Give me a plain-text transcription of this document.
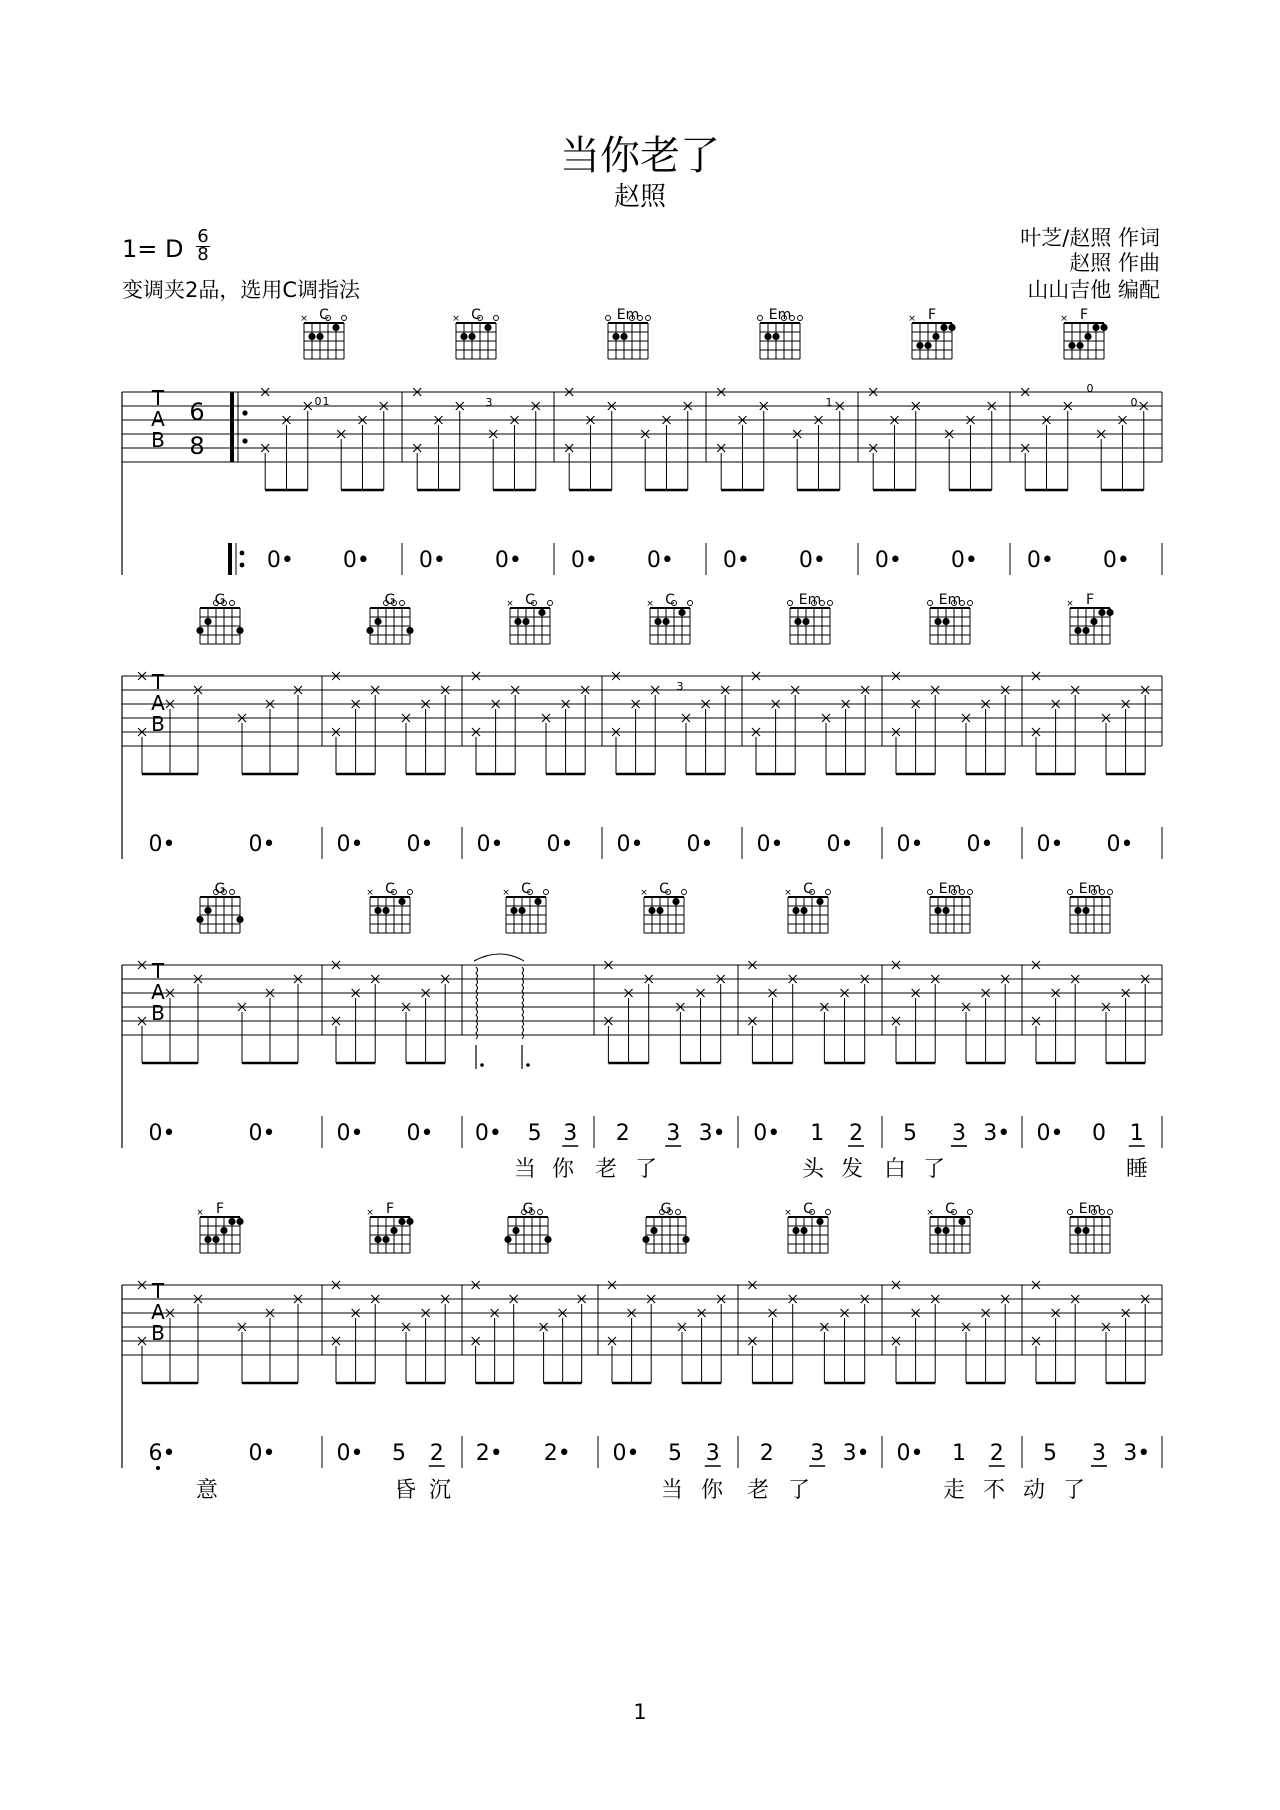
当你老了
赵照
叶芝/赵照 作词
赵照 作曲
山山吉他 编配
1= D 6
8
变调夹2品，选用C调指法
T
A
B
6
8
C
×
0• 0•
C
×
0• 0•
Em
0• 0•
Em
0• 0•
F
×
0• 0•
F
×
0• 0•
T
A
B
G
0•	0•
G
0• 0•
C
×
0• 0•
C
×
0• 0•
Em
0• 0•
Em
0• 0•
F
×
0• 0•
T
A
B
G
0•	0•
C
×
0• 0•
C
×
0• 5 3
C
×
2 3 3•
C
×
0• 1 2
Em
5 3 3•
Em
0• 0 1
当 你 老 了	头 发 白 了	睡
T
A
B
F
×
6•	0•
F
×
0• 5 2
G
2• 2•
G
0• 5 3
C
×
2 3 3•
C
×
0• 1 2
Em
5 3 3•
意	昏 沉	当 你 老 了	走 不 动 了
0 1	3	1
0
0
3
1
